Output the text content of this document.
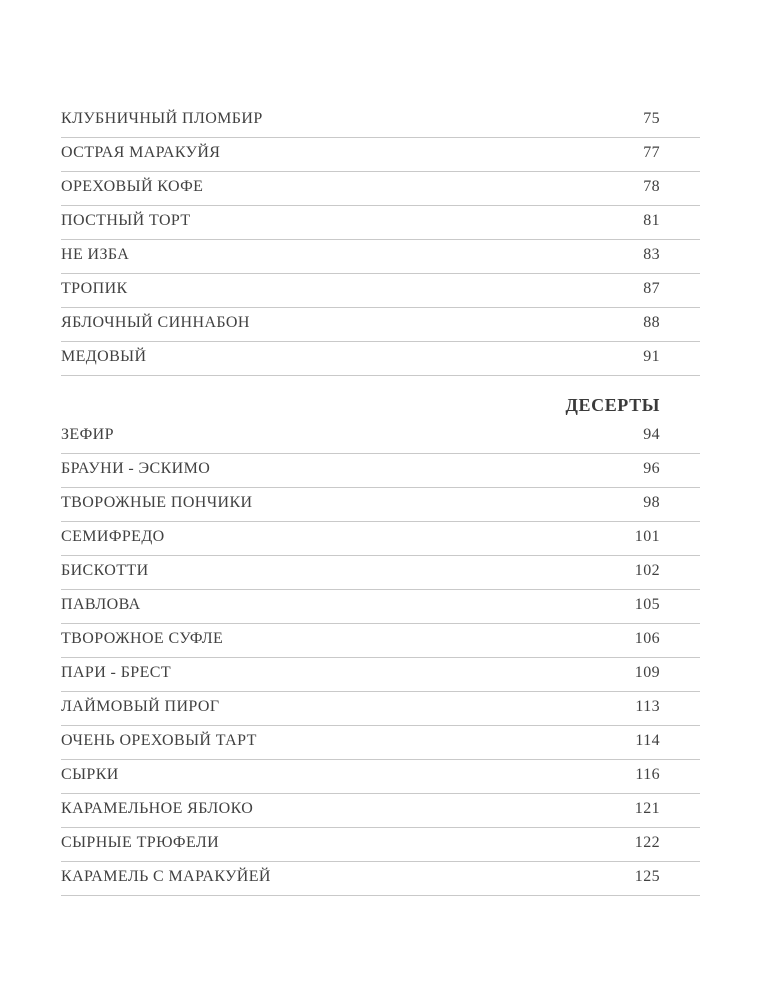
КЛУБНИЧНЫЙ ПЛОМБИР	75
ОСТРАЯ МАРАКУЙЯ	77
ОРЕХОВЫЙ КОФЕ	78
ПОСТНЫЙ ТОРТ	81
НЕ ИЗБА	83
ТРОПИК	87
ЯБЛОЧНЫЙ СИННАБОН	88
МЕДОВЫЙ	91
ДЕСЕРТЫ
ЗЕФИР	94
БРАУНИ - ЭСКИМО	96
ТВОРОЖНЫЕ ПОНЧИКИ	98
СЕМИФРЕДО	101
БИСКОТТИ	102
ПАВЛОВА	105
ТВОРОЖНОЕ СУФЛЕ	106
ПАРИ - БРЕСТ	109
ЛАЙМОВЫЙ ПИРОГ	113
ОЧЕНЬ ОРЕХОВЫЙ ТАРТ	114
СЫРКИ	116
КАРАМЕЛЬНОЕ ЯБЛОКО	121
СЫРНЫЕ ТРЮФЕЛИ	122
КАРАМЕЛЬ С МАРАКУЙЕЙ	125
